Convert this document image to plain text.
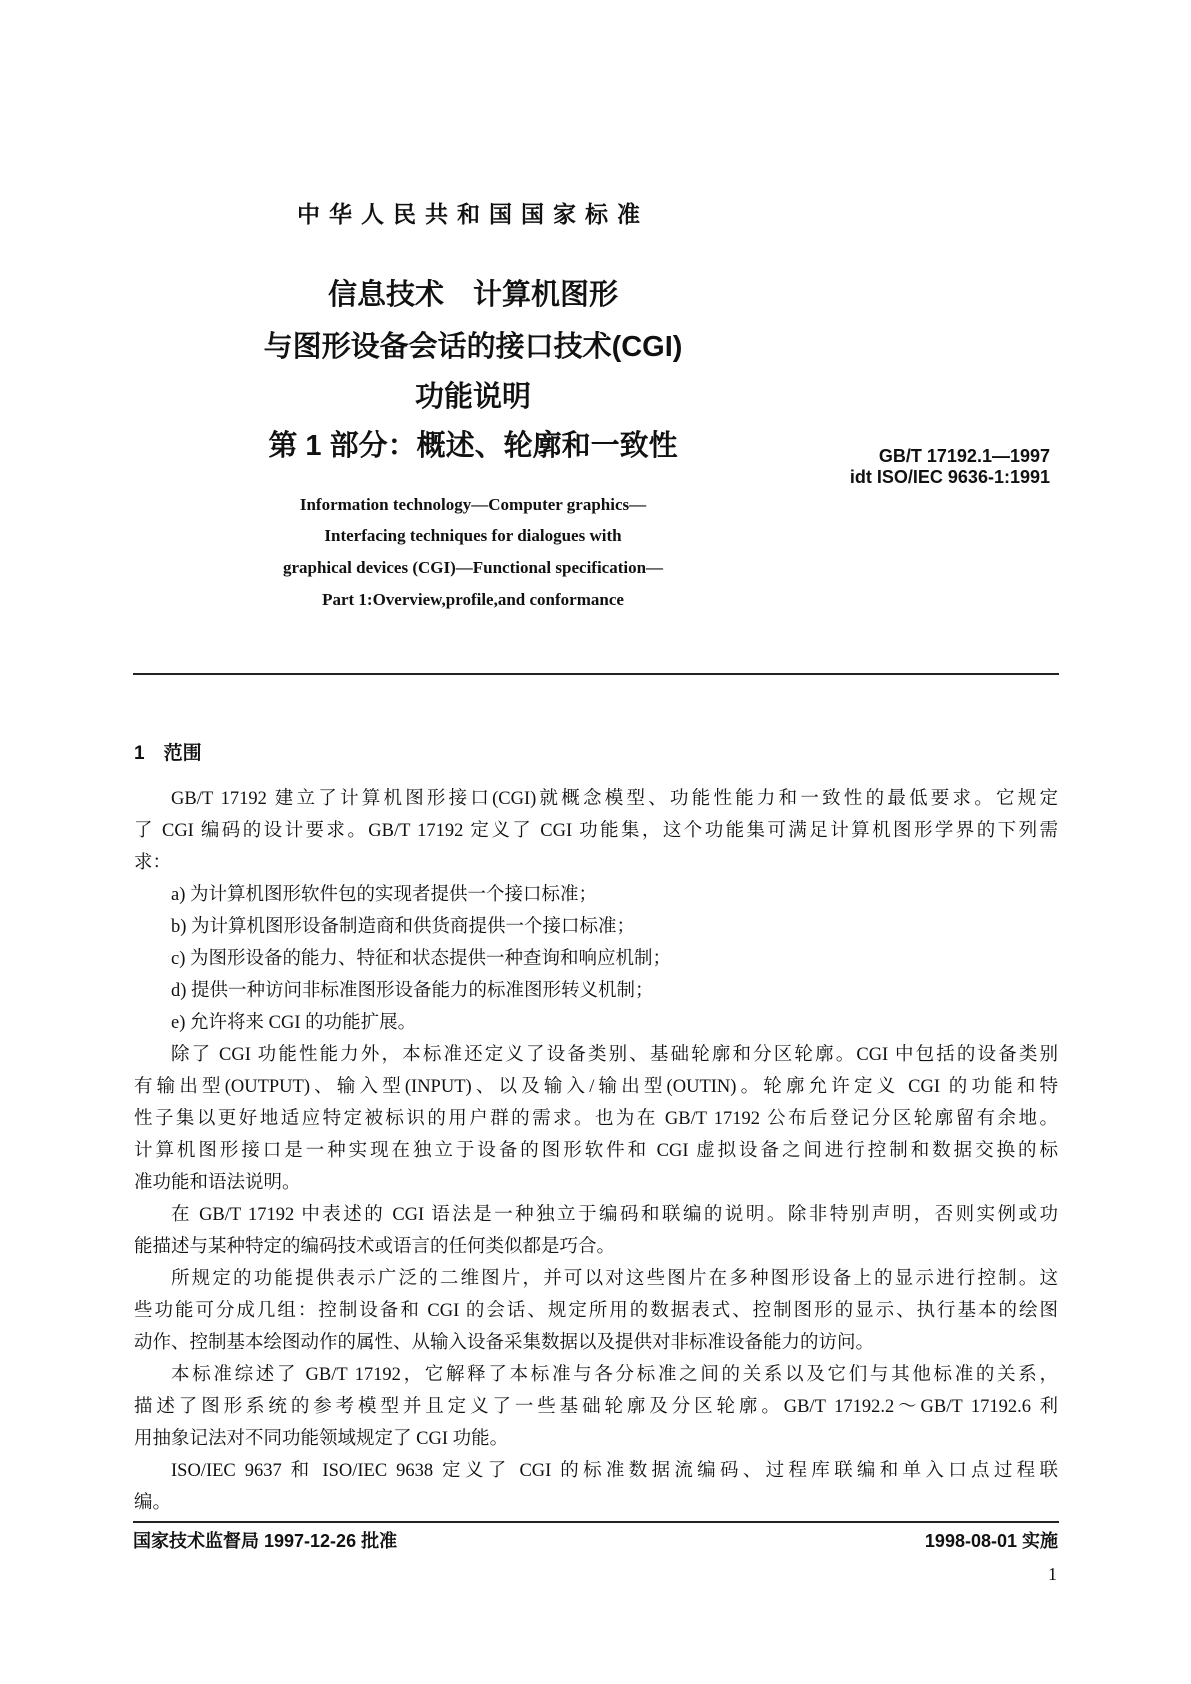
中华人民共和国国家标准
信息技术　计算机图形
与图形设备会话的接口技术(CGI)
功能说明
第 1 部分：概述、轮廓和一致性	GB/T 17192.1—1997
idt ISO/IEC 9636-1:1991
Information technology—Computer graphics—
Interfacing techniques for dialogues with
graphical devices (CGI)—Functional specification—
Part 1:Overview,profile,and conformance
1　范围
GB/T 17192 建立了计算机图形接口(CGI)就概念模型、功能性能力和一致性的最低要求。它规定
了 CGI 编码的设计要求。GB/T 17192 定义了 CGI 功能集，这个功能集可满足计算机图形学界的下列需
求：
a) 为计算机图形软件包的实现者提供一个接口标准；
b) 为计算机图形设备制造商和供货商提供一个接口标准；
c) 为图形设备的能力、特征和状态提供一种查询和响应机制；
d) 提供一种访问非标准图形设备能力的标准图形转义机制；
e) 允许将来 CGI 的功能扩展。
除了 CGI 功能性能力外，本标准还定义了设备类别、基础轮廓和分区轮廓。CGI 中包括的设备类别
有输出型(OUTPUT)、输入型(INPUT)、以及输入/输出型(OUTIN)。轮廓允许定义 CGI 的功能和特
性子集以更好地适应特定被标识的用户群的需求。也为在 GB/T 17192 公布后登记分区轮廓留有余地。
计算机图形接口是一种实现在独立于设备的图形软件和 CGI 虚拟设备之间进行控制和数据交换的标
准功能和语法说明。
在 GB/T 17192 中表述的 CGI 语法是一种独立于编码和联编的说明。除非特别声明，否则实例或功
能描述与某种特定的编码技术或语言的任何类似都是巧合。
所规定的功能提供表示广泛的二维图片，并可以对这些图片在多种图形设备上的显示进行控制。这
些功能可分成几组：控制设备和 CGI 的会话、规定所用的数据表式、控制图形的显示、执行基本的绘图
动作、控制基本绘图动作的属性、从输入设备采集数据以及提供对非标准设备能力的访问。
本标准综述了 GB/T 17192，它解释了本标准与各分标准之间的关系以及它们与其他标准的关系，
描述了图形系统的参考模型并且定义了一些基础轮廓及分区轮廓。GB/T 17192.2～GB/T 17192.6 利
用抽象记法对不同功能领域规定了 CGI 功能。
ISO/IEC 9637 和 ISO/IEC 9638 定义了 CGI 的标准数据流编码、过程库联编和单入口点过程联
编。
国家技术监督局 1997-12-26 批准	1998-08-01 实施
1
